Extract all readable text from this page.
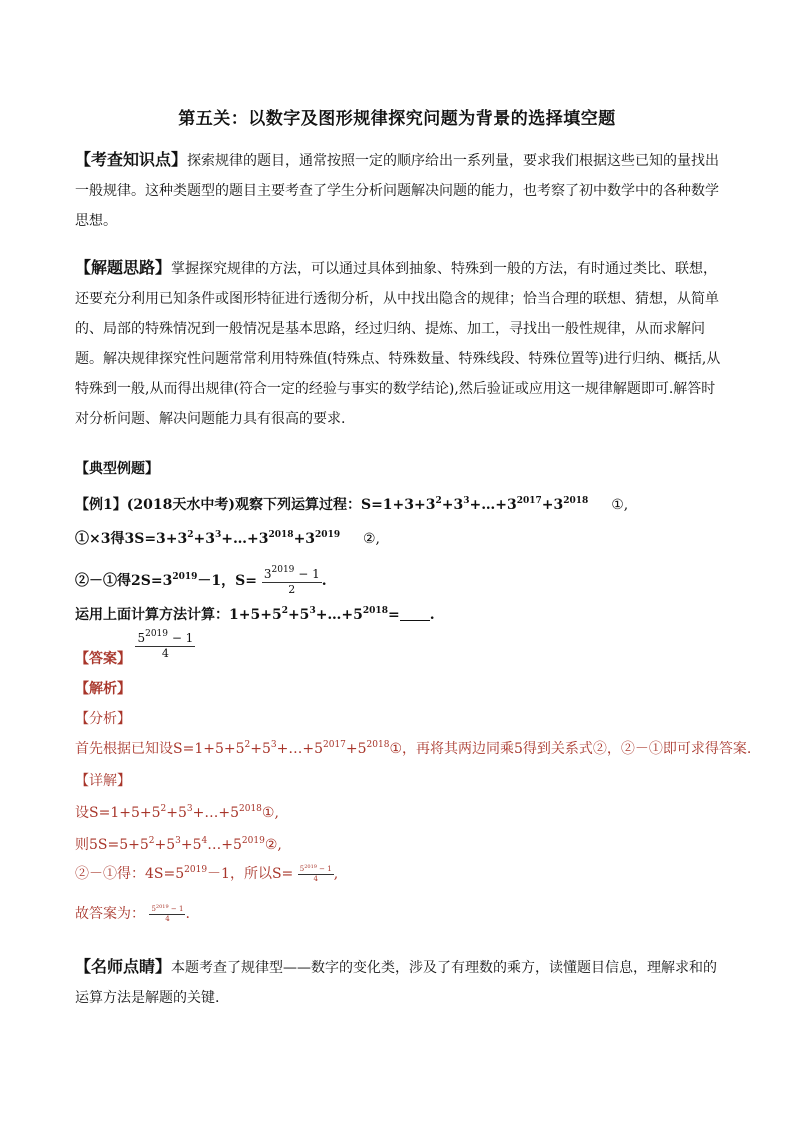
第五关：以数字及图形规律探究问题为背景的选择填空题
【考查知识点】探索规律的题目，通常按照一定的顺序给出一系列量，要求我们根据这些已知的量找出一般规律。这种类题型的题目主要考查了学生分析问题解决问题的能力，也考察了初中数学中的各种数学思想。
【解题思路】掌握探究规律的方法，可以通过具体到抽象、特殊到一般的方法，有时通过类比、联想，还要充分利用已知条件或图形特征进行透彻分析，从中找出隐含的规律；恰当合理的联想、猜想，从简单的、局部的特殊情况到一般情况是基本思路，经过归纳、提炼、加工，寻找出一般性规律，从而求解问题。解决规律探究性问题常常利用特殊值(特殊点、特殊数量、特殊线段、特殊位置等)进行归纳、概括,从特殊到一般,从而得出规律(符合一定的经验与事实的数学结论),然后验证或应用这一规律解题即可.解答时对分析问题、解决问题能力具有很高的要求.
【典型例题】
【例1】(2018天水中考)观察下列运算过程：$S=1+3+3^2+3^3+\dots+3^{2017}+3^{2018}$ ①,
①×3得$3S=3+3^2+3^3+\dots+3^{2018}+3^{2019}$ ②,
②－①得$2S=3^{2019}-1$，$S= \frac{3^{2019} - 1}{2}$ .
运用上面计算方法计算：$1+5+5^2+5^3+\dots+5^{2018}=$ .
【答案】 $\frac{5^{2019} - 1}{4}$
【解析】
【分析】
首先根据已知设$S=1+5+5^2+5^3+\dots+5^{2017}+5^{2018}①$，再将其两边同乘5得到关系式②，②－①即可求得答案.
【详解】
设$S=1+5+5^2+5^3+\dots+5^{2018}①$,
则$5S=5+5^2+5^3+5^4\dots+5^{2019}②$,
②－①得：$4S=5^{2019}-1$，所以$S= \frac{5^{2019} - 1}{4}$ ,
故答案为： $\frac{5^{2019} - 1}{4}$ .
【名师点睛】本题考查了规律型——数字的变化类，涉及了有理数的乘方，读懂题目信息，理解求和的运算方法是解题的关键.
